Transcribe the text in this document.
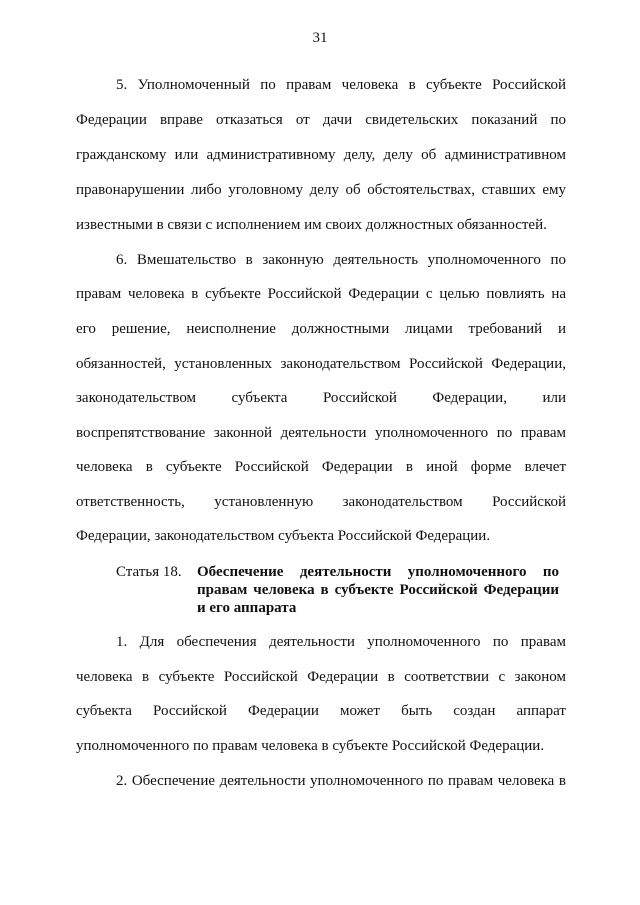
31
5. Уполномоченный по правам человека в субъекте Российской
Федерации вправе отказаться от дачи свидетельских показаний по
гражданскому или административному делу, делу об административном
правонарушении либо уголовному делу об обстоятельствах, ставших ему
известными в связи с исполнением им своих должностных обязанностей.
6. Вмешательство в законную деятельность уполномоченного по
правам человека в субъекте Российской Федерации с целью повлиять на
его решение, неисполнение должностными лицами требований и
обязанностей, установленных законодательством Российской Федерации,
законодательством субъекта Российской Федерации, или
воспрепятствование законной деятельности уполномоченного по правам
человека в субъекте Российской Федерации в иной форме влечет
ответственность, установленную законодательством Российской
Федерации, законодательством субъекта Российской Федерации.
Статья 18. Обеспечение деятельности уполномоченного по
правам человека в субъекте Российской Федерации
и его аппарата
1. Для обеспечения деятельности уполномоченного по правам
человека в субъекте Российской Федерации в соответствии с законом
субъекта Российской Федерации может быть создан аппарат
уполномоченного по правам человека в субъекте Российской Федерации.
2. Обеспечение деятельности уполномоченного по правам человека в
